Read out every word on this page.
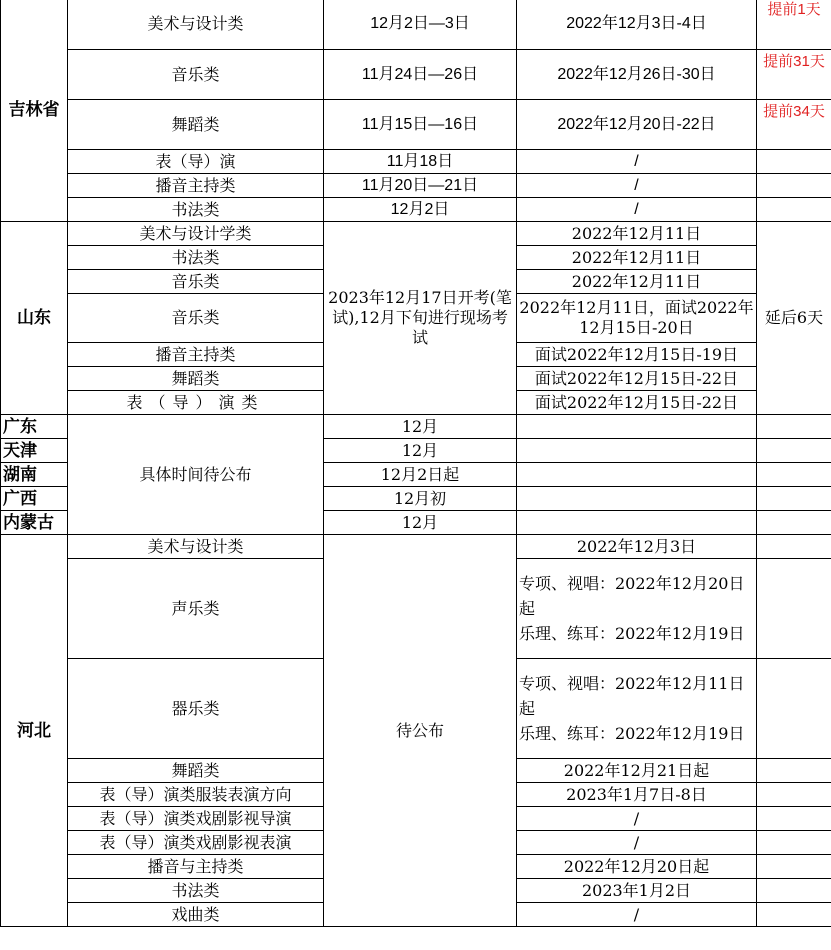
吉林省	美术与设计类	12月2日—3日	2022年12月3日-4日	提前1天
	音乐类	11月24日—26日	2022年12月26日-30日	提前31天
	舞蹈类	11月15日—16日	2022年12月20日-22日	提前34天
	表（导）演	11月18日	/	
	播音主持类	11月20日—21日	/	
	书法类	12月2日	/	
山东	美术与设计学类	2023年12月17日开考(笔试),12月下旬进行现场考试	2022年12月11日	延后6天
	书法类		2022年12月11日	
	音乐类		2022年12月11日	
	音乐类		2022年12月11日，面试2022年12月15日-20日	
	播音主持类		面试2022年12月15日-19日	
	舞蹈类		面试2022年12月15日-22日	
	表（导）演类		面试2022年12月15日-22日	
广东	具体时间待公布	12月		
天津		12月		
湖南		12月2日起		
广西		12月初		
内蒙古		12月		
河北	美术与设计类	待公布	2022年12月3日	
	声乐类		专项、视唱：2022年12月20日起
乐理、练耳：2022年12月19日	

	器乐类		专项、视唱：2022年12月11日起
乐理、练耳：2022年12月19日	

	舞蹈类		2022年12月21日起	
	表（导）演类服装表演方向		2023年1月7日-8日	
	表（导）演类戏剧影视导演		/	
	表（导）演类戏剧影视表演		/	
	播音与主持类		2022年12月20日起	
	书法类		2023年1月2日	
	戏曲类		/	
